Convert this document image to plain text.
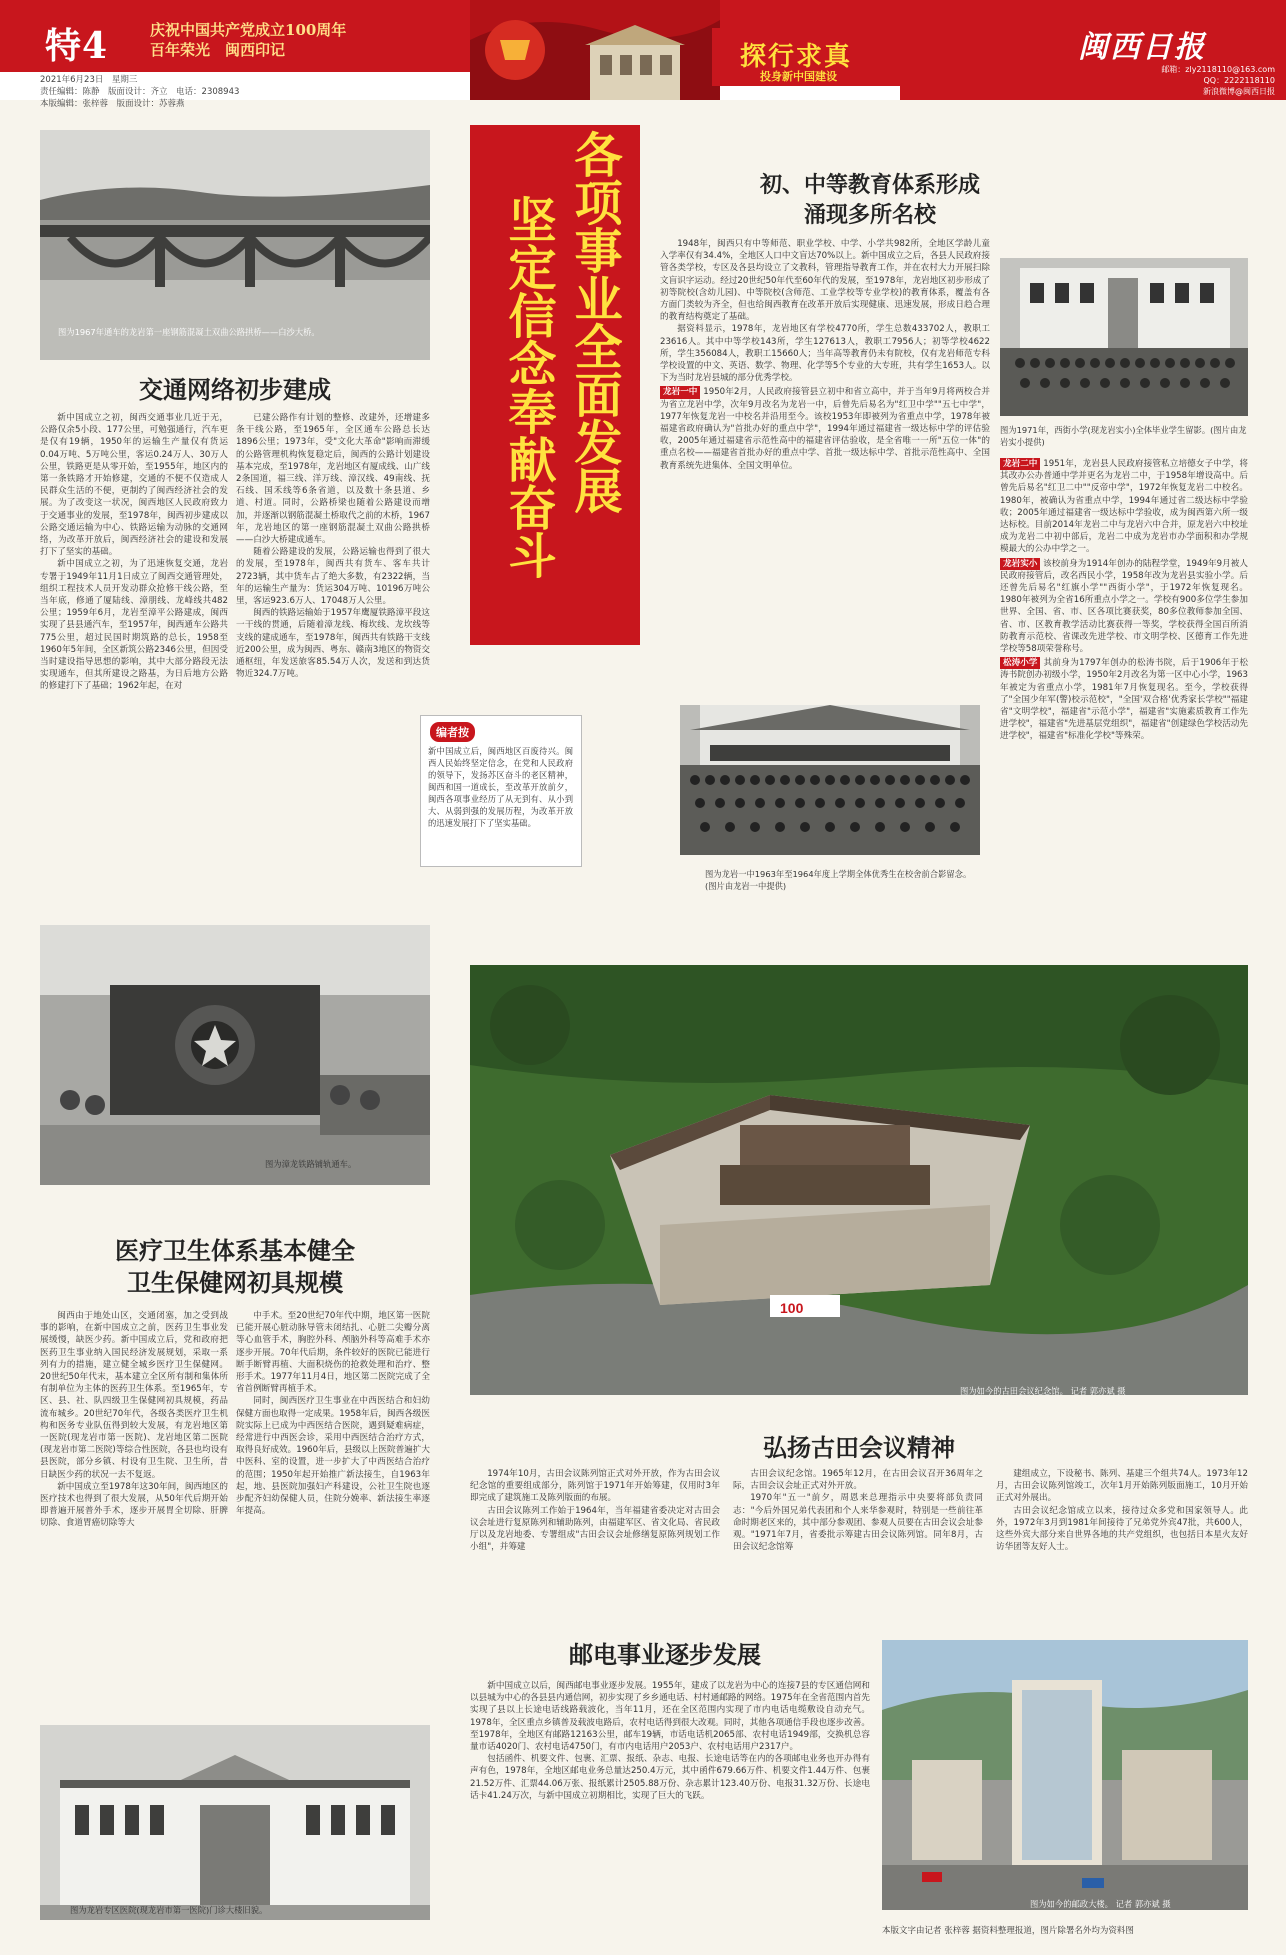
特4	庆祝中国共产党成立100周年
百年荣光　闽西印记
2021年6月23日　星期三
责任编辑：陈静　版面设计：齐立　 电话：2308943
本版编辑：张梓蓉　版面设计：苏蓉燕
探行求真
投身新中国建设
闽西日报
邮箱：zly2118110@163.com
QQ：2222118110
新浪微博@闽西日报
坚定信念奉献奋斗 各项事业全面发展
编者按
新中国成立后，闽西地区百废待兴。闽西人民始终坚定信念，在党和人民政府的领导下，发扬苏区奋斗的老区精神，闽西和国一道成长，至改革开放前夕，闽西各项事业经历了从无到有、从小到大、从弱到强的发展历程，为改革开放的迅速发展打下了坚实基础。
图为1967年通车的龙岩第一座钢筋混凝土双曲公路拱桥——白沙大桥。
交通网络初步建成

新中国成立之初，闽西交通事业几近于无，公路仅余5小段、177公里，可勉强通行，汽车更是仅有19辆，1950年的运输生产量仅有货运0.04万吨、5万吨公里，客运0.24万人、30万人公里，铁路更是从零开始，至1955年，地区内的第一条铁路才开始修建，交通的不便不仅造成人民群众生活的不便，更制约了闽西经济社会的发展。为了改变这一状况，闽西地区人民政府致力于交通事业的发展，至1978年，闽西初步建成以公路交通运输为中心、铁路运输为动脉的交通网络，为改革开放后，闽西经济社会的建设和发展打下了坚实的基础。

新中国成立之初，为了迅速恢复交通，龙岩专署于1949年11月1日成立了闽西交通管理处，组织工程技术人员开发动群众抢修干线公路，至当年底，修通了厦陆线、漳朋线、龙峰线共482公里；1959年6月，龙岩至漳平公路建成，闽西实现了县县通汽车，至1957年，闽西通车公路共775公里，超过民国时期筑路的总长，1958至1960年5年间，全区新筑公路2346公里，但因受当时建设指导思想的影响，其中大部分路段无法实现通车，但其所建设之路基，为日后地方公路的修建打下了基础；1962年起，在对

已建公路作有计划的整修、改建外，还增建多条干线公路，至1965年，全区通车公路总长达1896公里；1973年，受"文化大革命"影响而滞缓的公路管理机构恢复稳定后，闽西的公路计划建设基本完成，至1978年，龙岩地区有厦成线、山广线2条国道，福三线、洋万线、漳汉线、49南线、抚石线、国禾线等6条省道，以及数十条县道、乡道、村道。同时，公路桥梁也随着公路建设而增加，并逐渐以钢筋混凝土桥取代之前的木桥，1967年，龙岩地区的第一座钢筋混凝土双曲公路拱桥——白沙大桥建成通车。

随着公路建设的发展，公路运输也得到了很大的发展，至1978年，闽西共有货车、客车共计2723辆，其中货车占了绝大多数，有2322辆，当年的运输生产量为：货运304万吨、10196万吨公里，客运923.6万人、17048万人公里。

闽西的铁路运输始于1957年鹰厦铁路漳平段这一干线的贯通，后随着漳龙线、梅坎线、龙坎线等支线的建成通车，至1978年，闽西共有铁路干支线近200公里，成为闽西、粤东、赣南3地区的物资交通枢纽，年发送旅客85.54万人次，发送和到达货物近324.7万吨。

图为漳龙铁路铺轨通车。
医疗卫生体系基本健全
卫生保健网初具规模

闽西由于地处山区，交通闭塞，加之受到战事的影响，在新中国成立之前，医药卫生事业发展缓慢，缺医少药。新中国成立后，党和政府把医药卫生事业纳入国民经济发展规划，采取一系列有力的措施，建立健全城乡医疗卫生保健网。20世纪50年代末，基本建立全区所有制和集体所有制单位为主体的医药卫生体系。至1965年，专区、县、社、队四级卫生保健网初具规模，药品流布城乡。20世纪70年代，各级各类医疗卫生机构和医务专业队伍得到较大发展，有龙岩地区第一医院(现龙岩市第一医院)、龙岩地区第二医院(现龙岩市第二医院)等综合性医院，各县也均设有县医院，部分乡镇、村设有卫生院、卫生所，昔日缺医少药的状况一去不复返。

新中国成立至1978年这30年间，闽西地区的医疗技术也得到了很大发展，从50年代后期开始即普遍开展普外手术，逐步开展胃全切除、肝脾切除、食道胃癌切除等大

中手术。至20世纪70年代中期，地区第一医院已能开展心脏动脉导管未闭结扎、心脏二尖瓣分离等心血管手术，胸腔外科、颅脑外科等高难手术亦逐步开展。70年代后期，条件较好的医院已能进行断手断臂再植、大面积烧伤的抢救处理和治疗、整形手术。1977年11月4日，地区第二医院完成了全省首例断臂再植手术。

同时，闽西医疗卫生事业在中西医结合和妇幼保健方面也取得一定成果。1958年后，闽西各级医院实际上已成为中西医结合医院，遇到疑难病症，经常进行中西医会诊，采用中西医结合治疗方式，取得良好成效。1960年后，县级以上医院普遍扩大中医科、室的设置，进一步扩大了中西医结合治疗的范围；1950年起开始推广新法接生，自1963年起，地、县医院加强妇产科建设，公社卫生院也逐步配齐妇幼保健人员，住院分娩率、新法接生率逐年提高。

图为龙岩专区医院(现龙岩市第一医院)门诊大楼旧貌。
初、中等教育体系形成
涌现多所名校

1948年，闽西只有中等师范、职业学校、中学、小学共982所，全地区学龄儿童入学率仅有34.4%，全地区人口中文盲达70%以上。新中国成立之后，各县人民政府接管各类学校，专区及各县均设立了文教科，管理指导教育工作，并在农村大力开展扫除文盲识字运动。经过20世纪50年代至60年代的发展，至1978年，龙岩地区初步形成了初等院校(含幼儿园)、中等院校(含师范、工业学校等专业学校)的教育体系，覆盖有各方面门类较为齐全，但也给闽西教育在改革开放后实现健康、迅速发展，形成日趋合理的教育结构奠定了基础。

据资料显示，1978年，龙岩地区有学校4770所，学生总数433702人，教职工23616人。其中中等学校143所，学生127613人，教职工7956人；初等学校4622所，学生356084人，教职工15660人；当年高等教育仍未有院校，仅有龙岩师范专科学校设置的中文、英语、数学、物理、化学等5个专业的大专班，共有学生1653人。以下为当时龙岩县城的部分优秀学校。

龙岩一中 1950年2月，人民政府接管县立初中和省立高中，并于当年9月将两校合并为省立龙岩中学，次年9月改名为龙岩一中，后曾先后易名为"红卫中学""五七中学"，1977年恢复龙岩一中校名并沿用至今。该校1953年即被列为省重点中学，1978年被福建省政府确认为"首批办好的重点中学"，1994年通过福建省一级达标中学的评估验收，2005年通过福建省示范性高中的福建省评估验收，是全省唯一一所"五位一体"的重点名校——福建省首批办好的重点中学、首批一级达标中学、首批示范性高中、全国教育系统先进集体、全国文明单位。

图为1971年，西街小学(现龙岩实小)全体毕业学生留影。(图片由龙岩实小提供)

龙岩二中 1951年，龙岩县人民政府接管私立培德女子中学，将其改办公办普通中学并更名为龙岩二中，于1958年增设高中。后曾先后易名"红卫二中""反帝中学"，1972年恢复龙岩二中校名。1980年，被确认为省重点中学，1994年通过省二级达标中学验收；2005年通过福建省一级达标中学验收，成为闽西第六所一级达标校。目前2014年龙岩二中与龙岩六中合并，原龙岩六中校址成为龙岩二中初中部后，龙岩二中成为龙岩市办学面积和办学规模最大的公办中学之一。

龙岩实小 该校前身为1914年创办的陆程学堂，1949年9月被人民政府接管后，改名西民小学，1958年改为龙岩县实验小学。后还曾先后易名"红旗小学""西街小学"，于1972年恢复现名。1980年被列为全省16所重点小学之一。学校有900多位学生参加世界、全国、省、市、区各项比赛获奖，80多位教师参加全国、省、市、区教育教学活动比赛获得一等奖，学校获得全国百所消防教育示范校、省课改先进学校、市文明学校、区德育工作先进学校等58项荣誉称号。

松涛小学 其前身为1797年创办的松涛书院，后于1906年于松涛书院创办初级小学，1950年2月改名为第一区中心小学，1963年被定为省重点小学，1981年7月恢复现名。至今，学校获得了"全国少年军(警)校示范校"，"全国'双合格'优秀家长学校""福建省"文明学校"，福建省"示范小学"，福建省"实施素质教育工作先进学校"，福建省"先进基层党组织"，福建省"创建绿色学校活动先进学校"，福建省"标准化学校"等殊荣。

图为龙岩一中1963年至1964年度上学期全体优秀生在校舍前合影留念。(图片由龙岩一中提供)
100
图为如今的古田会议纪念馆。 记者 郭亦斌 摄
弘扬古田会议精神

1974年10月，古田会议陈列馆正式对外开放，作为古田会议纪念馆的重要组成部分，陈列馆于1971年开始筹建，仅用时3年即完成了建筑施工及陈列版面的布展。

古田会议陈列工作始于1964年，当年福建省委决定对古田会议会址进行复原陈列和辅助陈列，由福建军区、省文化局、省民政厅以及龙岩地委、专署组成"古田会议会址修缮复原陈列规划工作小组"，并筹建

古田会议纪念馆。1965年12月，在古田会议召开36周年之际，古田会议会址正式对外开放。

1970年"五一"前夕，周恩来总理指示中央要将部负责同志："今后外国兄弟代表团和个人来华参观时，特别是一些前往革命时期老区来的，其中部分参观团、参观人员要在古田会议会址参观。"1971年7月，省委批示筹建古田会议陈列馆。同年8月，古田会议纪念馆筹

建组成立，下设秘书、陈列、基建三个组共74人。1973年12月，古田会议陈列馆竣工，次年1月开始陈列版面施工，10月开始正式对外展出。

古田会议纪念馆成立以来，接待过众多党和国家领导人。此外，1972年3月到1981年间接待了兄弟党外宾47批，共600人，这些外宾大部分来自世界各地的共产党组织，也包括日本星火友好访华团等友好人士。

邮电事业逐步发展

新中国成立以后，闽西邮电事业逐步发展。1955年，建成了以龙岩为中心的连接7县的专区通信网和以县城为中心的各县县内通信网，初步实现了乡乡通电话、村村通邮路的网络。1975年在全省范围内首先实现了县以上长途电话线路载波化，当年11月，还在全区范围内实现了市内电话电缆敷设自动充气。1978年，全区重点乡镇普及载波电路后，农村电话得到很大改观。同时，其他各项通信手段也逐步改善。至1978年，全地区有邮路12163公里，邮车19辆，市话电话机2065部、农村电话1949部，交换机总容量市话4020门、农村电话4750门，有市内电话用户2053户、农村电话用户2317户。

包括函件、机要文件、包裹、汇票、报纸、杂志、电报、长途电话等在内的各项邮电业务也开办得有声有色，1978年，全地区邮电业务总量达250.4万元，其中函件679.66万件、机要文件1.44万件、包裹21.52万件、汇票44.06万张、报纸累计2505.88万份、杂志累计123.40万份、电报31.32万份、长途电话卡41.24万次，与新中国成立初期相比，实现了巨大的飞跃。

图为如今的邮政大楼。 记者 郭亦斌 摄
本版文字由记者 张梓蓉 据资料整理报道，图片除署名外均为资料图
